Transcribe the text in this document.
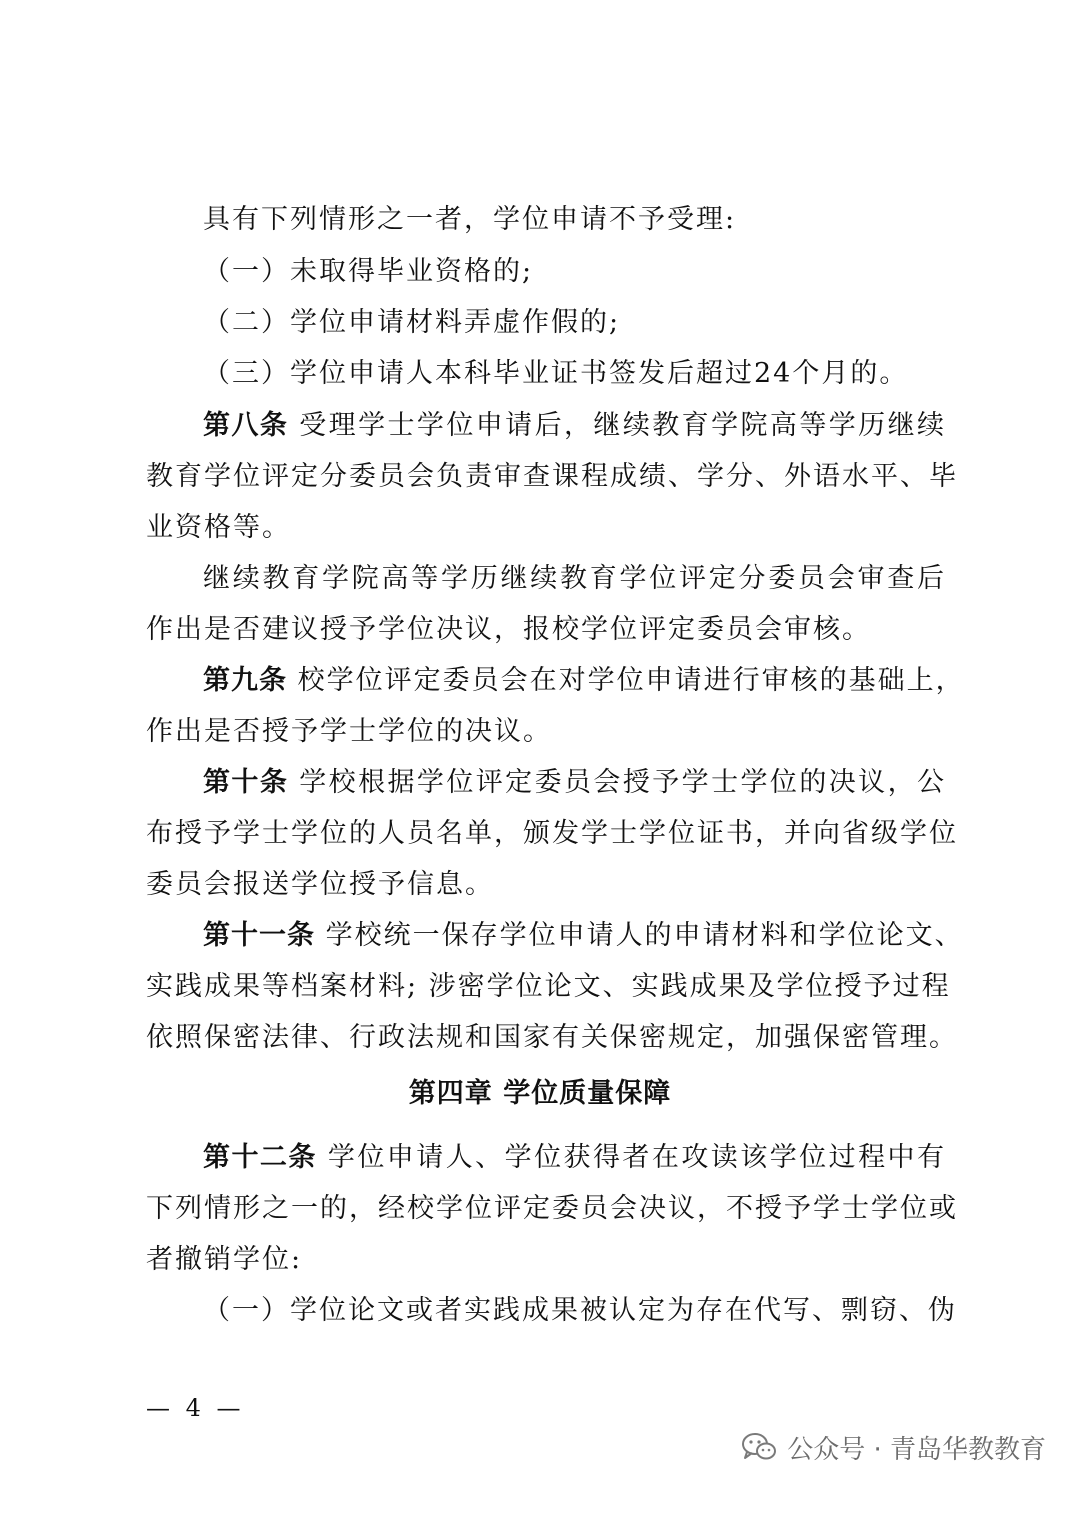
具有下列情形之一者，学位申请不予受理:
（一）未取得毕业资格的;
（二）学位申请材料弄虚作假的;
（三）学位申请人本科毕业证书签发后超过24个月的。
第八条 受理学士学位申请后，继续教育学院高等学历继续
教育学位评定分委员会负责审查课程成绩、学分、外语水平、毕
业资格等。
继续教育学院高等学历继续教育学位评定分委员会审查后
作出是否建议授予学位决议，报校学位评定委员会审核。
第九条 校学位评定委员会在对学位申请进行审核的基础上，
作出是否授予学士学位的决议。
第十条 学校根据学位评定委员会授予学士学位的决议，公
布授予学士学位的人员名单，颁发学士学位证书，并向省级学位
委员会报送学位授予信息。
第十一条 学校统一保存学位申请人的申请材料和学位论文、
实践成果等档案材料; 涉密学位论文、实践成果及学位授予过程
依照保密法律、行政法规和国家有关保密规定，加强保密管理。
第四章 学位质量保障
第十二条 学位申请人、学位获得者在攻读该学位过程中有
下列情形之一的，经校学位评定委员会决议，不授予学士学位或
者撤销学位:
（一）学位论文或者实践成果被认定为存在代写、剽窃、伪
— 4 —
公众号 · 青岛华教教育
